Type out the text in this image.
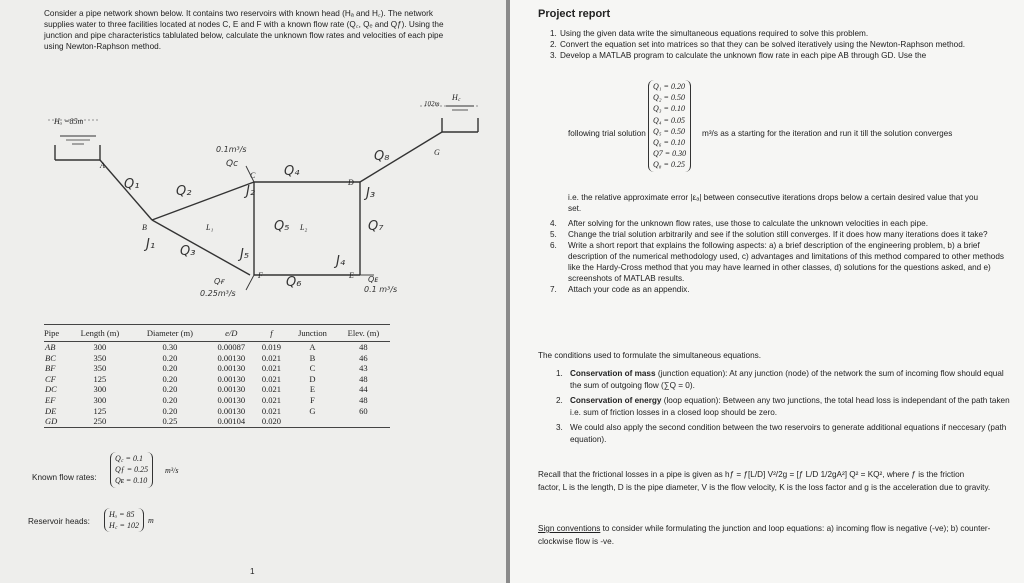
Consider a pipe network shown below. It contains two reservoirs with known head (Hₐ and H꜀). The network
supplies water to three facilities located at nodes C, E and F with a known flow rate (Q꜀, Qₑ and Qƒ). Using the
junction and pipe characteristics tablulated below, calculate the unknown flow rates and velocities of each pipe
using Newton-Raphson method.
Hₐ =85m
H꜀
102m
A
B
C
D
E
F
G
L₁	L₂
Q₁	Q₂
Q₃
Q₄
Q₅
Q₆
Q₇
Q₈
J₁
J₂	J₃
J₄
J₅
Qc
0.1m³/s
0.1 m³/s
0.25m³/s
Qᴇ
Qғ
Pipe	Length (m)	Diameter (m)	e/D	f	Junction	Elev. (m)
AB	300	0.30	0.00087	0.019	A	48
BC	350	0.20	0.00130	0.021	B	46
BF	350	0.20	0.00130	0.021	C	43
CF	125	0.20	0.00130	0.021	D	48
DC	300	0.20	0.00130	0.021	E	44
EF	300	0.20	0.00130	0.021	F	48
DE	125	0.20	0.00130	0.021	G	60
GD	250	0.25	0.00104	0.020		
Known flow rates:
Q꜀ = 0.1
Qƒ = 0.25
Qᴇ = 0.10
m³/s
Reservoir heads:
Hₐ = 85
H꜀ = 102
m
1
Project report
1. Using the given data write the simultaneous equations required to solve this problem.
2. Convert the equation set into matrices so that they can be solved iteratively using the Newton-Raphson method.
3. Develop a MATLAB program to calculate the unknown flow rate in each pipe AB through GD. Use the
following trial solution
Q₁ = 0.20
Q₂ = 0.50
Q₃ = 0.10
Q₄ = 0.05
Q₅ = 0.50
Q₆ = 0.10
Q7 = 0.30
Q₈ = 0.25
m³/s as a starting for the iteration and run it till the solution converges
i.e. the relative approximate error |εₐ| between consecutive iterations drops below a certain desired value that you set.
4.	After solving for the unknown flow rates, use those to calculate the unknown velocities in each pipe.
5.	Change the trial solution arbitrarily and see if the solution still converges. If it does how many iterations does it take?
6.	Write a short report that explains the following aspects: a) a brief description of the engineering problem, b) a brief description of the numerical methodology used, c) advantages and limitations of this method compared to other methods like the Hardy-Cross method that you may have learned in other classes, d) solutions for the questions asked, and e) screenshots of MATLAB results.
7.	Attach your code as an appendix.
The conditions used to formulate the simultaneous equations.
1. Conservation of mass (junction equation): At any junction (node) of the network the sum of incoming flow should equal the sum of outgoing flow (∑Q = 0).
2. Conservation of energy (loop equation): Between any two junctions, the total head loss is independant of the path taken i.e. sum of friction losses in a closed loop should be zero.
3. We could also apply the second condition between the two reservoirs to generate additional equations if neccesary (path equation).
Recall that the frictional losses in a pipe is given as hƒ = ƒ[L/D] V²/2g = [ƒ L/D 1/2gA²] Q² = KQ², where ƒ is the friction
factor, L is the length, D is the pipe diameter, V is the flow velocity, K is the loss factor and g is the acceleration due to gravity.
Sign conventions to consider while formulating the junction and loop equations: a) incoming flow is negative (-ve); b) counter-clockwise flow is -ve.
